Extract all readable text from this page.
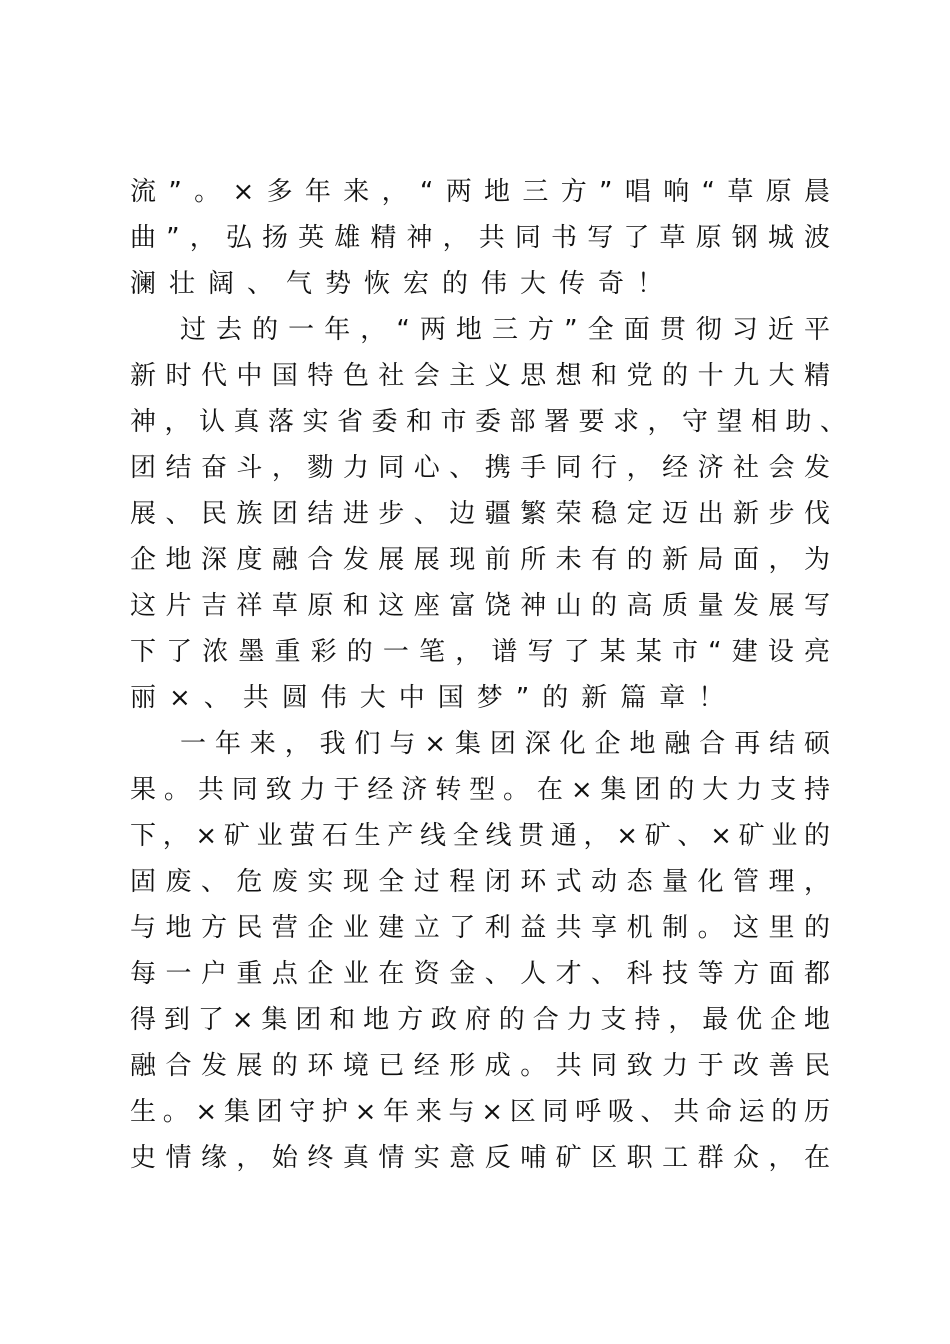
流”。×多年来，“两地三方”唱响“草原晨

曲”，弘扬英雄精神，共同书写了草原钢城波

澜壮阔、气势恢宏的伟大传奇！

过去的一年，“两地三方”全面贯彻习近平

新时代中国特色社会主义思想和党的十九大精

神，认真落实省委和市委部署要求，守望相助、

团结奋斗，勠力同心、携手同行，经济社会发

展、民族团结进步、边疆繁荣稳定迈出新步伐

企地深度融合发展展现前所未有的新局面，为

这片吉祥草原和这座富饶神山的高质量发展写

下了浓墨重彩的一笔，谱写了某某市“建设亮

丽×、共圆伟大中国梦”的新篇章！

一年来，我们与×集团深化企地融合再结硕

果。共同致力于经济转型。在×集团的大力支持

下，×矿业萤石生产线全线贯通，×矿、×矿业的

固废、危废实现全过程闭环式动态量化管理，

与地方民营企业建立了利益共享机制。这里的

每一户重点企业在资金、人才、科技等方面都

得到了×集团和地方政府的合力支持，最优企地

融合发展的环境已经形成。共同致力于改善民

生。×集团守护×年来与×区同呼吸、共命运的历

史情缘，始终真情实意反哺矿区职工群众，在
